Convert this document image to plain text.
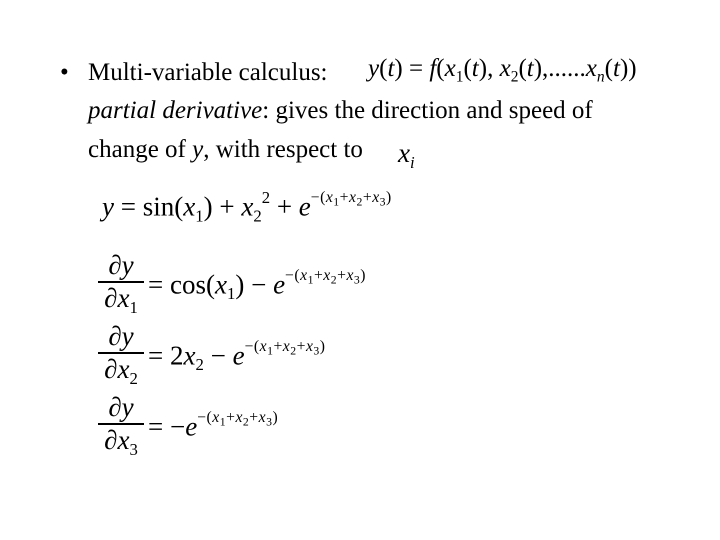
• Multi-variable calculus: $y(t) = f(x_1(t)$, $x_2(t),......x_n(t)$)
partial derivative: gives the direction and speed of
change of y, with respect to $x_i$
$y = \sin(x_1) + x_2^2 + e^{-(x_1+x_2+x_3)}$
∂y
$\partial x_1$
= $\cos(x_1) - e^{-(x_1+x_2+x_3)}$
∂y
$\partial x_2$
= $2x_2 - e^{-(x_1+x_2+x_3)}$
∂y
$\partial x_3$
= $-e^{-(x_1+x_2+x_3)}$
